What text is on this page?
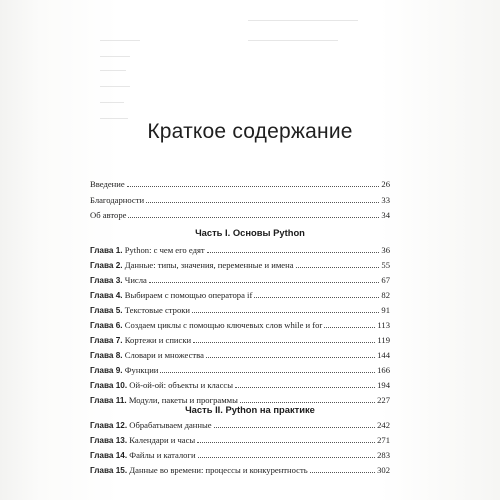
Краткое содержание
Введение	26
Благодарности	33
Об авторе	34
Часть I. Основы Python
Глава 1. Python: с чем его едят	36
Глава 2. Данные: типы, значения, переменные и имена	55
Глава 3. Числа	67
Глава 4. Выбираем с помощью оператора if	82
Глава 5. Текстовые строки	91
Глава 6. Создаем циклы с помощью ключевых слов while и for	113
Глава 7. Кортежи и списки	119
Глава 8. Словари и множества	144
Глава 9. Функции	166
Глава 10. Ой-ой-ой: объекты и классы	194
Глава 11. Модули, пакеты и программы	227
Часть II. Python на практике
Глава 12. Обрабатываем данные	242
Глава 13. Календари и часы	271
Глава 14. Файлы и каталоги	283
Глава 15. Данные во времени: процессы и конкурентность	302
